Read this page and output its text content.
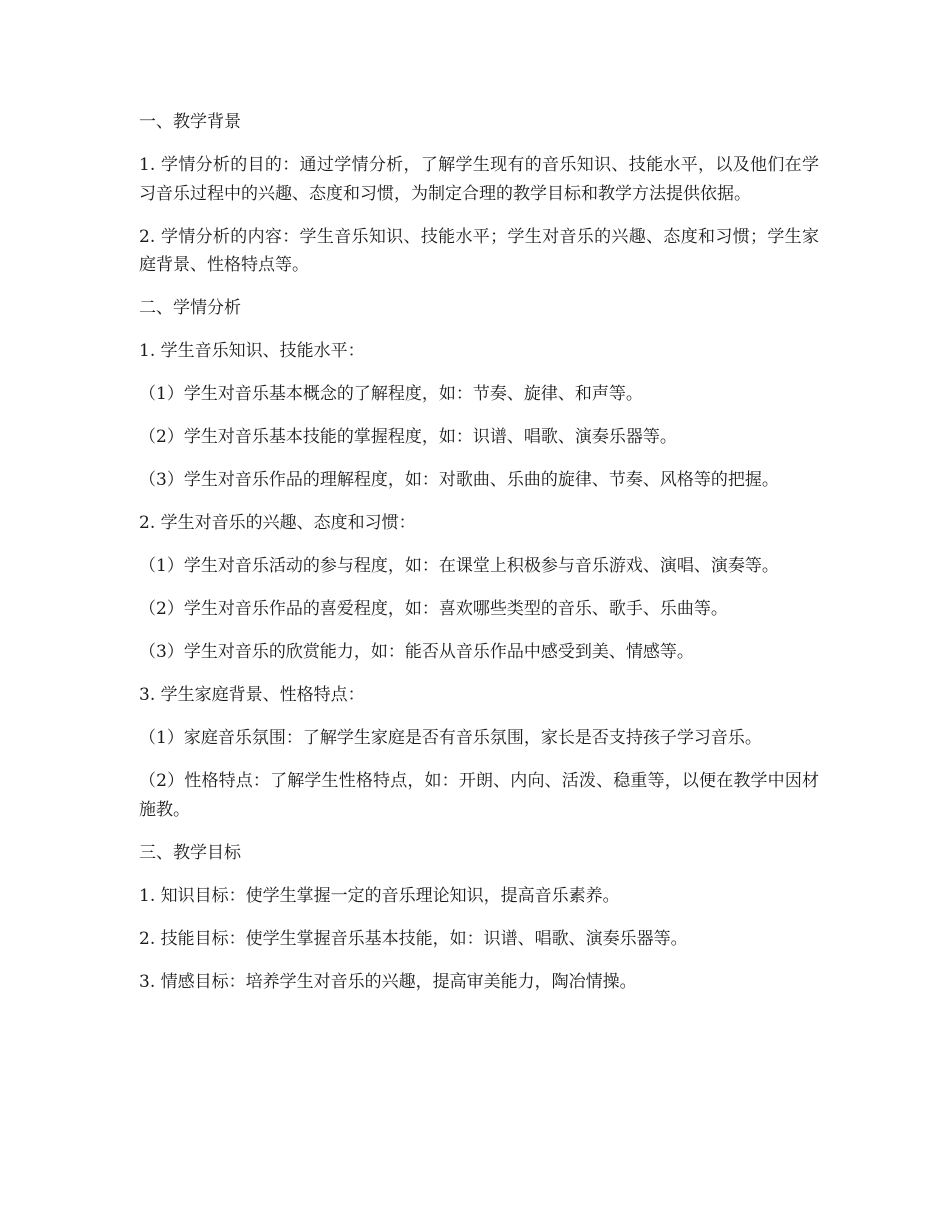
一、教学背景

1. 学情分析的目的：通过学情分析，了解学生现有的音乐知识、技能水平，以及他们在学习音乐过程中的兴趣、态度和习惯，为制定合理的教学目标和教学方法提供依据。

2. 学情分析的内容：学生音乐知识、技能水平；学生对音乐的兴趣、态度和习惯；学生家庭背景、性格特点等。

二、学情分析

1. 学生音乐知识、技能水平：

（1）学生对音乐基本概念的了解程度，如：节奏、旋律、和声等。

（2）学生对音乐基本技能的掌握程度，如：识谱、唱歌、演奏乐器等。

（3）学生对音乐作品的理解程度，如：对歌曲、乐曲的旋律、节奏、风格等的把握。

2. 学生对音乐的兴趣、态度和习惯：

（1）学生对音乐活动的参与程度，如：在课堂上积极参与音乐游戏、演唱、演奏等。

（2）学生对音乐作品的喜爱程度，如：喜欢哪些类型的音乐、歌手、乐曲等。

（3）学生对音乐的欣赏能力，如：能否从音乐作品中感受到美、情感等。

3. 学生家庭背景、性格特点：

（1）家庭音乐氛围：了解学生家庭是否有音乐氛围，家长是否支持孩子学习音乐。

（2）性格特点：了解学生性格特点，如：开朗、内向、活泼、稳重等，以便在教学中因材施教。

三、教学目标

1. 知识目标：使学生掌握一定的音乐理论知识，提高音乐素养。

2. 技能目标：使学生掌握音乐基本技能，如：识谱、唱歌、演奏乐器等。

3. 情感目标：培养学生对音乐的兴趣，提高审美能力，陶冶情操。
